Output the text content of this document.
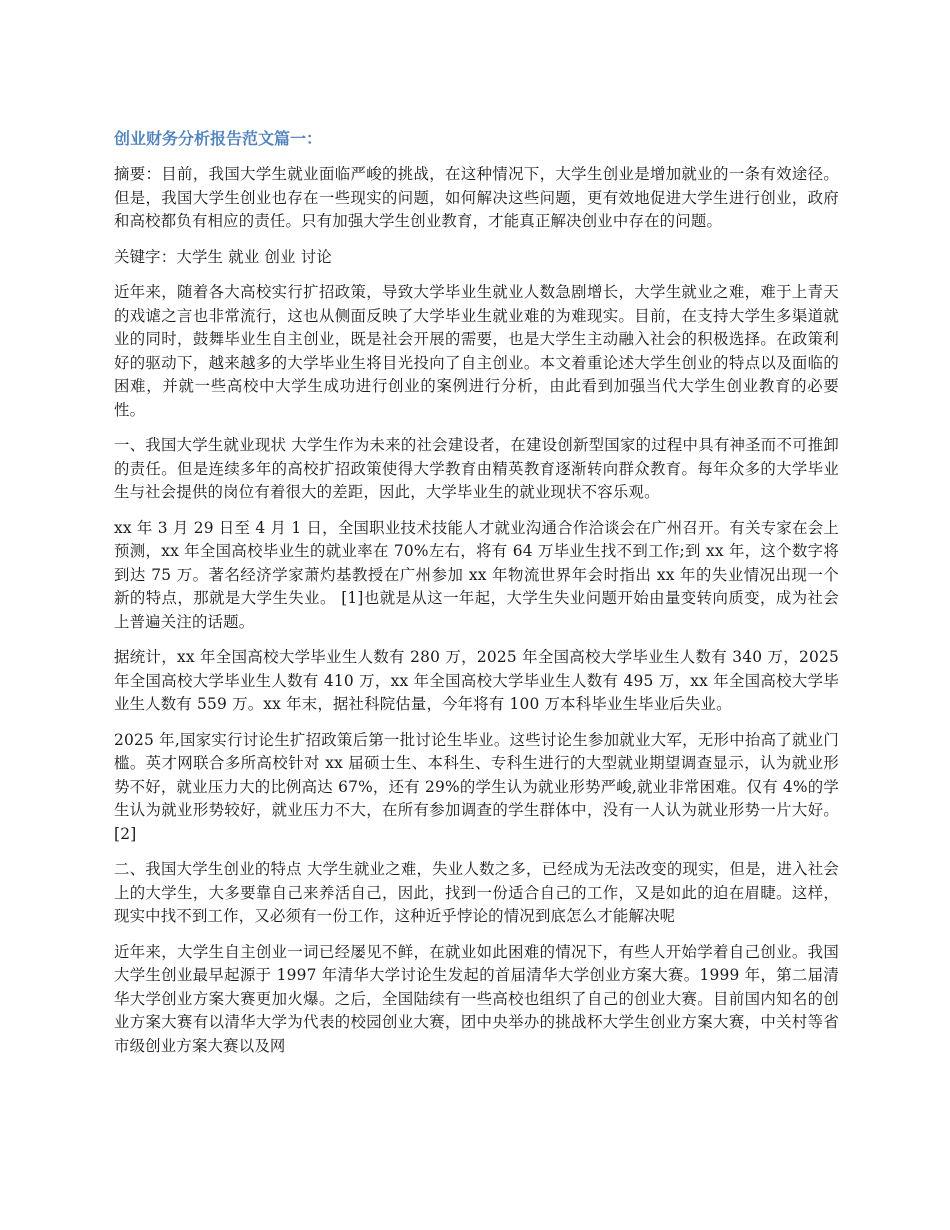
创业财务分析报告范文篇一：

摘要：目前，我国大学生就业面临严峻的挑战，在这种情况下，大学生创业是增加就业的一条有效途径。但是，我国大学生创业也存在一些现实的问题，如何解决这些问题，更有效地促进大学生进行创业，政府和高校都负有相应的责任。只有加强大学生创业教育，才能真正解决创业中存在的问题。

关键字：大学生 就业 创业 讨论

近年来，随着各大高校实行扩招政策，导致大学毕业生就业人数急剧增长，大学生就业之难，难于上青天的戏谑之言也非常流行，这也从侧面反映了大学毕业生就业难的为难现实。目前，在支持大学生多渠道就业的同时，鼓舞毕业生自主创业，既是社会开展的需要，也是大学生主动融入社会的积极选择。在政策利好的驱动下，越来越多的大学毕业生将目光投向了自主创业。本文着重论述大学生创业的特点以及面临的困难，并就一些高校中大学生成功进行创业的案例进行分析，由此看到加强当代大学生创业教育的必要性。

一、我国大学生就业现状 大学生作为未来的社会建设者，在建设创新型国家的过程中具有神圣而不可推卸的责任。但是连续多年的高校扩招政策使得大学教育由精英教育逐渐转向群众教育。每年众多的大学毕业生与社会提供的岗位有着很大的差距，因此，大学毕业生的就业现状不容乐观。

xx 年 3 月 29 日至 4 月 1 日，全国职业技术技能人才就业沟通合作洽谈会在广州召开。有关专家在会上预测，xx 年全国高校毕业生的就业率在 70%左右，将有 64 万毕业生找不到工作;到 xx 年，这个数字将到达 75 万。著名经济学家萧灼基教授在广州参加 xx 年物流世界年会时指出 xx 年的失业情况出现一个新的特点，那就是大学生失业。 [1]也就是从这一年起，大学生失业问题开始由量变转向质变，成为社会上普遍关注的话题。

据统计，xx 年全国高校大学毕业生人数有 280 万，2025 年全国高校大学毕业生人数有 340 万，2025 年全国高校大学毕业生人数有 410 万，xx 年全国高校大学毕业生人数有 495 万，xx 年全国高校大学毕业生人数有 559 万。xx 年末，据社科院估量，今年将有 100 万本科毕业生毕业后失业。

2025 年,国家实行讨论生扩招政策后第一批讨论生毕业。这些讨论生参加就业大军，无形中抬高了就业门槛。英才网联合多所高校针对 xx 届硕士生、本科生、专科生进行的大型就业期望调查显示，认为就业形势不好，就业压力大的比例高达 67%，还有 29%的学生认为就业形势严峻,就业非常困难。仅有 4%的学生认为就业形势较好，就业压力不大，在所有参加调查的学生群体中，没有一人认为就业形势一片大好。[2]

二、我国大学生创业的特点 大学生就业之难，失业人数之多，已经成为无法改变的现实，但是，进入社会上的大学生，大多要靠自己来养活自己，因此，找到一份适合自己的工作，又是如此的迫在眉睫。这样，现实中找不到工作，又必须有一份工作，这种近乎悖论的情况到底怎么才能解决呢

近年来，大学生自主创业一词已经屡见不鲜，在就业如此困难的情况下，有些人开始学着自己创业。我国大学生创业最早起源于 1997 年清华大学讨论生发起的首届清华大学创业方案大赛。1999 年，第二届清华大学创业方案大赛更加火爆。之后，全国陆续有一些高校也组织了自己的创业大赛。目前国内知名的创业方案大赛有以清华大学为代表的校园创业大赛，团中央举办的挑战杯大学生创业方案大赛，中关村等省市级创业方案大赛以及网
